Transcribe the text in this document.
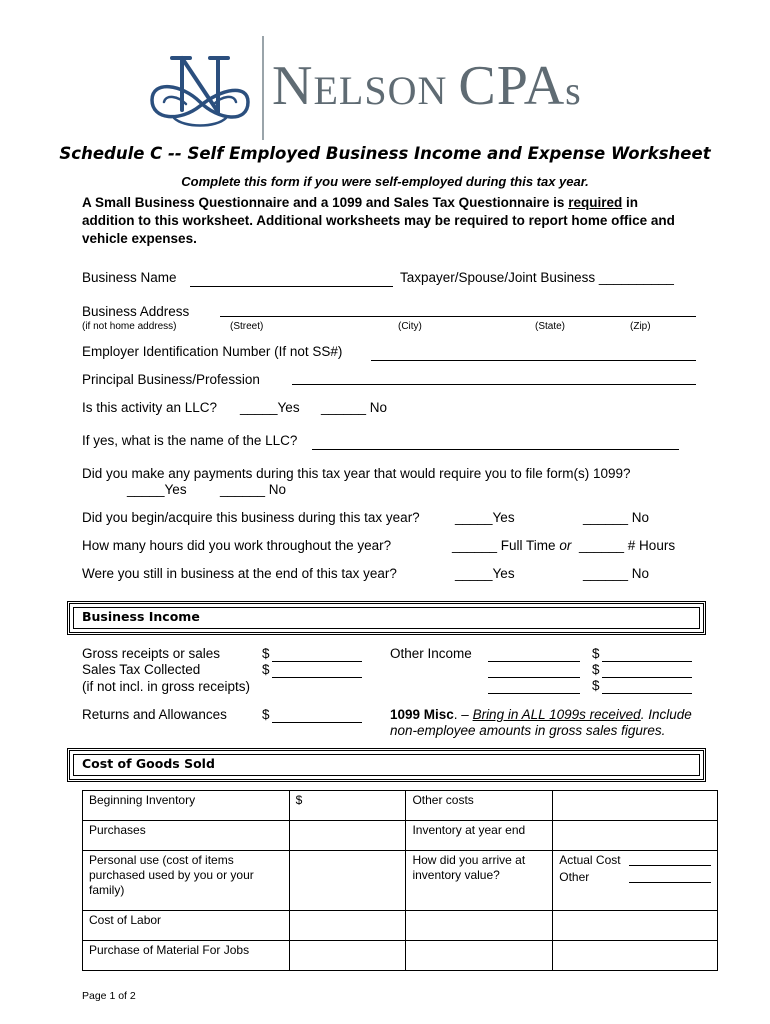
NELSON CPAs
Schedule C -- Self Employed Business Income and Expense Worksheet
Complete this form if you were self-employed during this tax year.
A Small Business Questionnaire and a 1099 and Sales Tax Questionnaire is required in addition to this worksheet. Additional worksheets may be required to report home office and vehicle expenses.
Business Name	Taxpayer/Spouse/Joint Business __________
Business Address
(if not home address)	(Street)	(City)	(State)	(Zip)
Employer Identification Number (If not SS#)
Principal Business/Profession
Is this activity an LLC? _____Yes ______ No
If yes, what is the name of the LLC?
Did you make any payments during this tax year that would require you to file form(s) 1099?
_____Yes ______ No
Did you begin/acquire this business during this tax year?	_____Yes	______ No
How many hours did you work throughout the year?	______ Full Time or ______ # Hours
Were you still in business at the end of this tax year?	_____Yes	______ No
Business Income
Gross receipts or sales	$
Sales Tax Collected	$
(if not incl. in gross receipts)
Other Income	$
$
$
Returns and Allowances	$	1099 Misc. – Bring in ALL 1099s received. Include
non-employee amounts in gross sales figures.
Cost of Goods Sold
Beginning Inventory	$	Other costs	
Purchases		Inventory at year end	
Personal use (cost of items purchased used by you or your family)		How did you arrive at inventory value?	Actual Cost
Other

Cost of Labor			
Purchase of Material For Jobs			
Page 1 of 2
